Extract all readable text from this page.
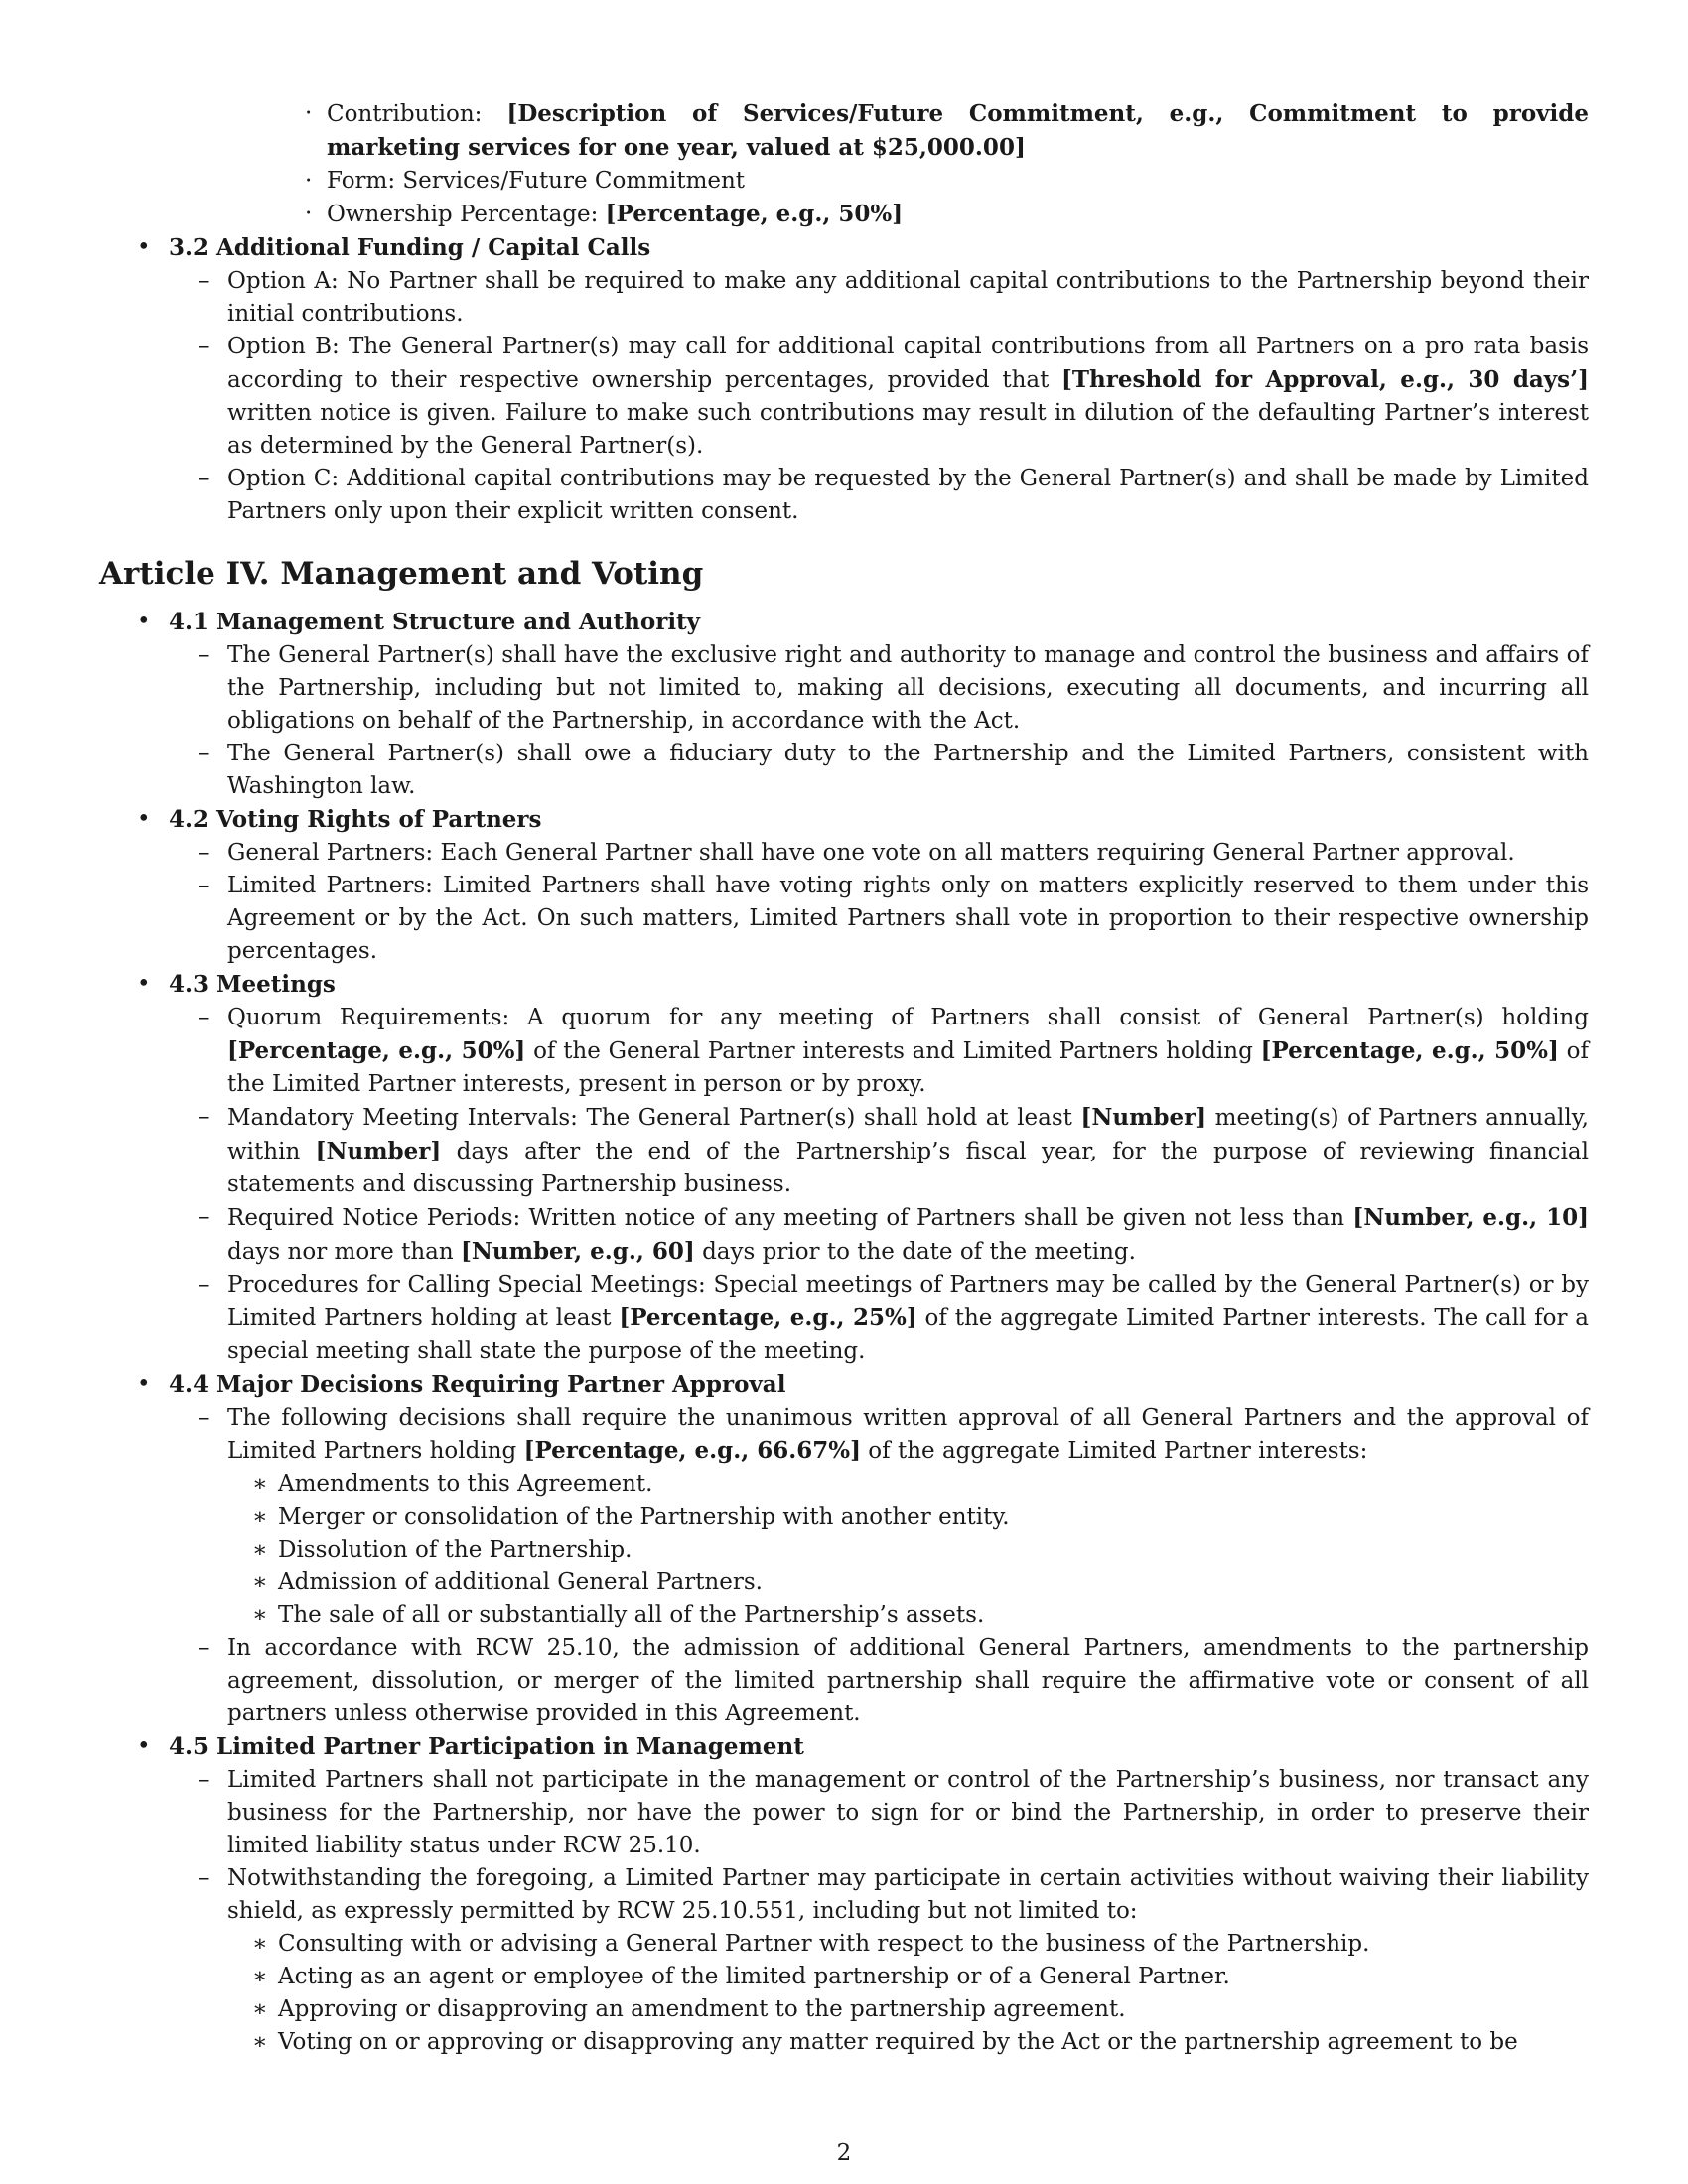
· Contribution: [Description of Services/Future Commitment, e.g., Commitment to provide marketing services for one year, valued at $25,000.00]
· Form: Services/Future Commitment
· Ownership Percentage: [Percentage, e.g., 50%]
• 3.2 Additional Funding / Capital Calls
– Option A: No Partner shall be required to make any additional capital contributions to the Partnership beyond their initial contributions.
– Option B: The General Partner(s) may call for additional capital contributions from all Partners on a pro rata basis according to their respective ownership percentages, provided that [Threshold for Approval, e.g., 30 days’] written notice is given. Failure to make such contributions may result in dilution of the defaulting Partner’s interest as determined by the General Partner(s).
– Option C: Additional capital contributions may be requested by the General Partner(s) and shall be made by Limited Partners only upon their explicit written consent.
Article IV. Management and Voting
• 4.1 Management Structure and Authority
– The General Partner(s) shall have the exclusive right and authority to manage and control the business and affairs of the Partnership, including but not limited to, making all decisions, executing all documents, and incurring all obligations on behalf of the Partnership, in accordance with the Act.
– The General Partner(s) shall owe a fiduciary duty to the Partnership and the Limited Partners, consistent with Washington law.
• 4.2 Voting Rights of Partners
– General Partners: Each General Partner shall have one vote on all matters requiring General Partner approval.
– Limited Partners: Limited Partners shall have voting rights only on matters explicitly reserved to them under this Agreement or by the Act. On such matters, Limited Partners shall vote in proportion to their respective ownership percentages.
• 4.3 Meetings
– Quorum Requirements: A quorum for any meeting of Partners shall consist of General Partner(s) holding [Percentage, e.g., 50%] of the General Partner interests and Limited Partners holding [Percentage, e.g., 50%] of the Limited Partner interests, present in person or by proxy.
– Mandatory Meeting Intervals: The General Partner(s) shall hold at least [Number] meeting(s) of Partners annually, within [Number] days after the end of the Partnership’s fiscal year, for the purpose of reviewing financial statements and discussing Partnership business.
– Required Notice Periods: Written notice of any meeting of Partners shall be given not less than [Number, e.g., 10] days nor more than [Number, e.g., 60] days prior to the date of the meeting.
– Procedures for Calling Special Meetings: Special meetings of Partners may be called by the General Partner(s) or by Limited Partners holding at least [Percentage, e.g., 25%] of the aggregate Limited Partner interests. The call for a special meeting shall state the purpose of the meeting.
• 4.4 Major Decisions Requiring Partner Approval
– The following decisions shall require the unanimous written approval of all General Partners and the approval of Limited Partners holding [Percentage, e.g., 66.67%] of the aggregate Limited Partner interests:
∗ Amendments to this Agreement.
∗ Merger or consolidation of the Partnership with another entity.
∗ Dissolution of the Partnership.
∗ Admission of additional General Partners.
∗ The sale of all or substantially all of the Partnership’s assets.
– In accordance with RCW 25.10, the admission of additional General Partners, amendments to the partnership agreement, dissolution, or merger of the limited partnership shall require the affirmative vote or consent of all partners unless otherwise provided in this Agreement.
• 4.5 Limited Partner Participation in Management
– Limited Partners shall not participate in the management or control of the Partnership’s business, nor transact any business for the Partnership, nor have the power to sign for or bind the Partnership, in order to preserve their limited liability status under RCW 25.10.
– Notwithstanding the foregoing, a Limited Partner may participate in certain activities without waiving their liability shield, as expressly permitted by RCW 25.10.551, including but not limited to:
∗ Consulting with or advising a General Partner with respect to the business of the Partnership.
∗ Acting as an agent or employee of the limited partnership or of a General Partner.
∗ Approving or disapproving an amendment to the partnership agreement.
∗ Voting on or approving or disapproving any matter required by the Act or the partnership agreement to be
2
